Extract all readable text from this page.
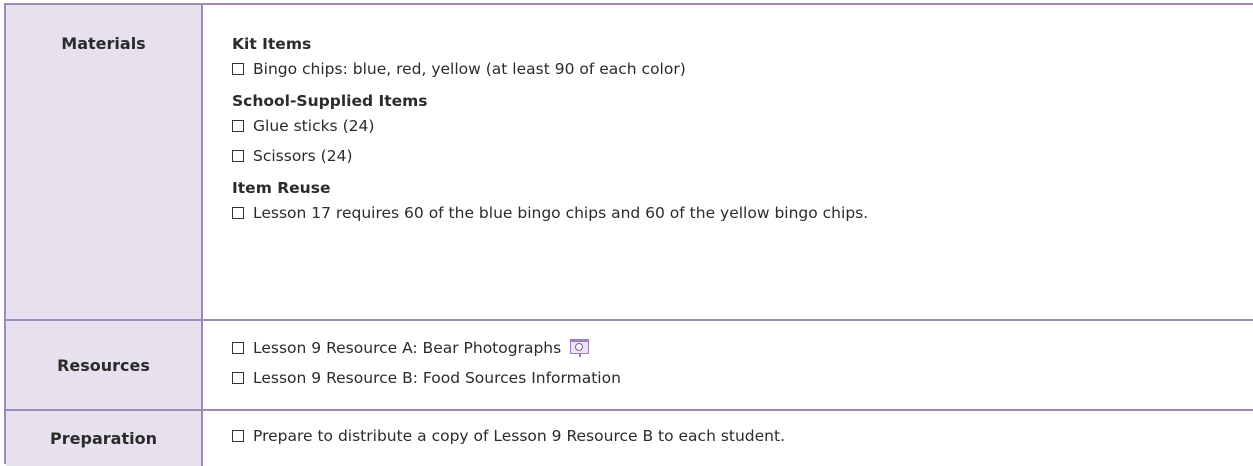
Materials	Kit Items
Bingo chips: blue, red, yellow (at least 90 of each color)
School-Supplied Items
Glue sticks (24)
Scissors (24)
Item Reuse
Lesson 17 requires 60 of the blue bingo chips and 60 of the yellow bingo chips.
Resources
Lesson 9 Resource A: Bear Photographs
Lesson 9 Resource B: Food Sources Information
Preparation	Prepare to distribute a copy of Lesson 9 Resource B to each student.
